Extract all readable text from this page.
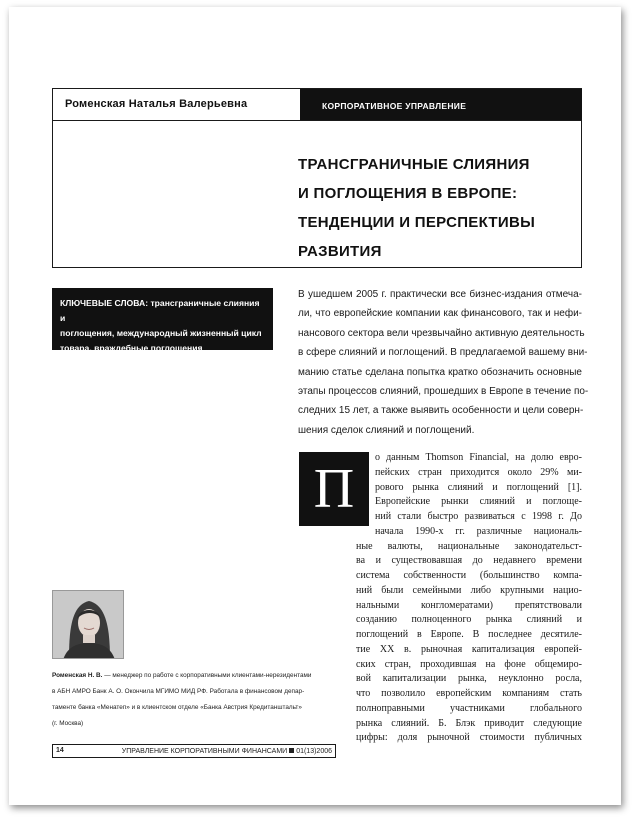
Роменская Наталья Валерьевна	КОРПОРАТИВНОЕ УПРАВЛЕНИЕ
ТРАНСГРАНИЧНЫЕ СЛИЯНИЯ
И ПОГЛОЩЕНИЯ В ЕВРОПЕ:
ТЕНДЕНЦИИ И ПЕРСПЕКТИВЫ
РАЗВИТИЯ
КЛЮЧЕВЫЕ СЛОВА: трансграничные слияния и
поглощения, международный жизненный цикл
товара, враждебные поглощения
В ушедшем 2005 г. практически все бизнес-издания отмеча-
ли, что европейские компании как финансового, так и нефи-
нансового сектора вели чрезвычайно активную деятельность
в сфере слияний и поглощений. В предлагаемой вашему вни-
манию статье сделана попытка кратко обозначить основные
этапы процессов слияний, прошедших в Европе в течение по-
следних 15 лет, а также выявить особенности и цели соверн-
шения сделок слияний и поглощений.
П
о данным Thomson Financial, на долю евро-
пейских стран приходится около 29% ми-
рового рынка слияний и поглощений [1].
Европейские рынки слияний и поглоще-
ний стали быстро развиваться с 1998 г. До
начала 1990-х гг. различные националь-
ные валюты, национальные законодательст-
ва и существовавшая до недавнего времени
система собственности (большинство компа-
ний были семейными либо крупными нацио-
нальными конгломератами) препятствовали
созданию полноценного рынка слияний и
поглощений в Европе. В последнее десятиле-
тие XX в. рыночная капитализация европей-
ских стран, проходившая на фоне общемиро-
вой капитализации рынка, неуклонно росла,
что позволило европейским компаниям стать
полноправными участниками глобального
рынка слияний. Б. Блэк приводит следующие
цифры: доля рыночной стоимости публичных
Роменская Н. В. — менеджер по работе с корпоративными клиентами-нерезидентами
в АБН АМРО Банк А. О. Окончила МГИМО МИД РФ. Работала в финансовом депар-
таменте банка «Менатеп» и в клиентском отделе «Банка Австрия Кредитанштальт»
(г. Москва)
14	УПРАВЛЕНИЕ КОРПОРАТИВНЫМИ ФИНАНСАМИ 01(13)2006
